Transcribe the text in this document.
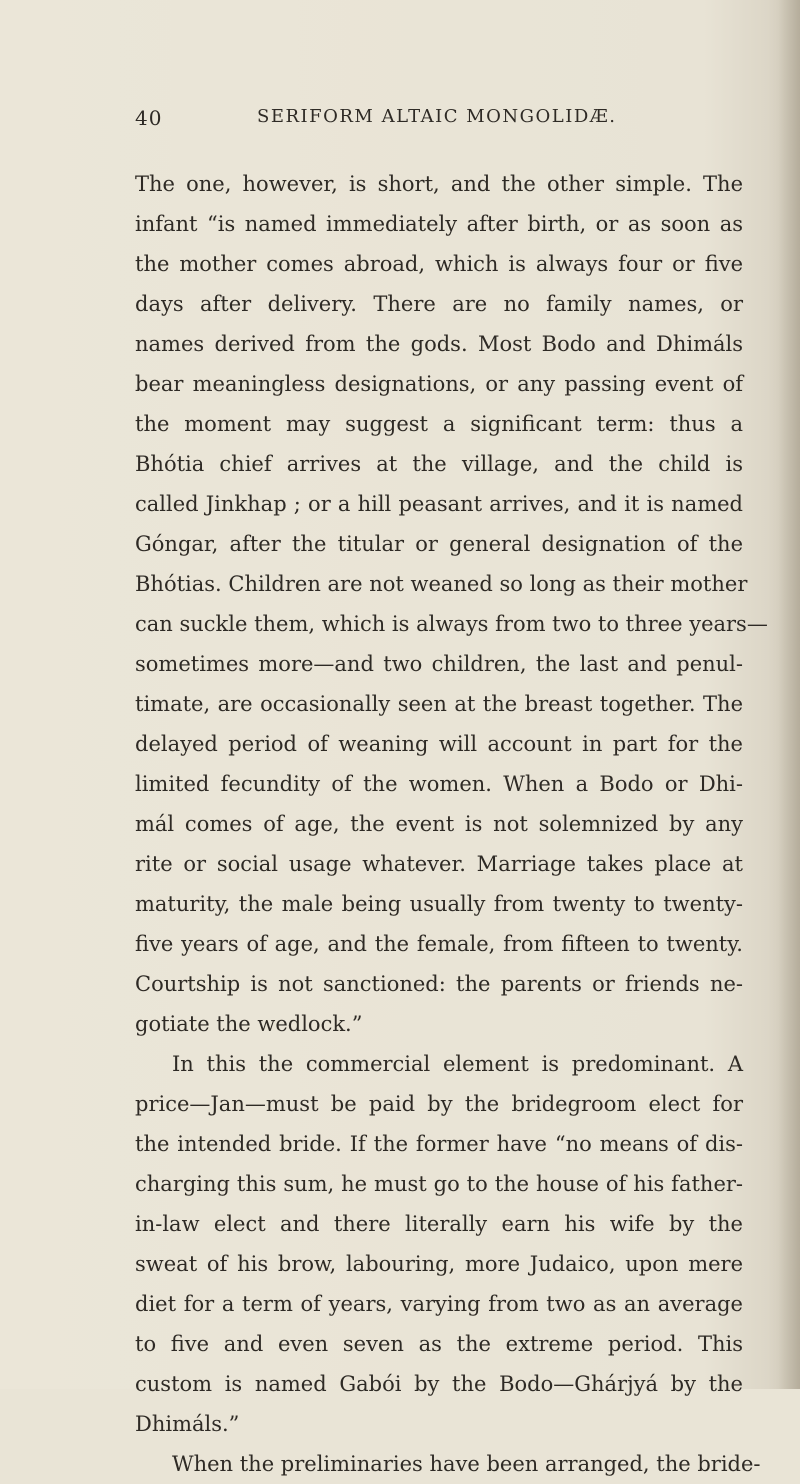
40	SERIFORM ALTAIC MONGOLIDÆ.
The one, however, is short, and the other simple. The
infant “is named immediately after birth, or as soon as
the mother comes abroad, which is always four or five
days after delivery. There are no family names, or
names derived from the gods. Most Bodo and Dhimáls
bear meaningless designations, or any passing event of
the moment may suggest a significant term: thus a
Bhótia chief arrives at the village, and the child is
called Jinkhap ; or a hill peasant arrives, and it is named
Góngar, after the titular or general designation of the
Bhótias. Children are not weaned so long as their mother
can suckle them, which is always from two to three years—
sometimes more—and two children, the last and penul-
timate, are occasionally seen at the breast together. The
delayed period of weaning will account in part for the
limited fecundity of the women. When a Bodo or Dhi-
mál comes of age, the event is not solemnized by any
rite or social usage whatever. Marriage takes place at
maturity, the male being usually from twenty to twenty-
five years of age, and the female, from fifteen to twenty.
Courtship is not sanctioned: the parents or friends ne-
gotiate the wedlock.”
In this the commercial element is predominant. A
price—Jan—must be paid by the bridegroom elect for
the intended bride. If the former have “no means of dis-
charging this sum, he must go to the house of his father-
in-law elect and there literally earn his wife by the
sweat of his brow, labouring, more Judaico, upon mere
diet for a term of years, varying from two as an average
to five and even seven as the extreme period. This
custom is named Gabói by the Bodo—Ghárjyá by the
Dhimáls.”
When the preliminaries have been arranged, the bride-
